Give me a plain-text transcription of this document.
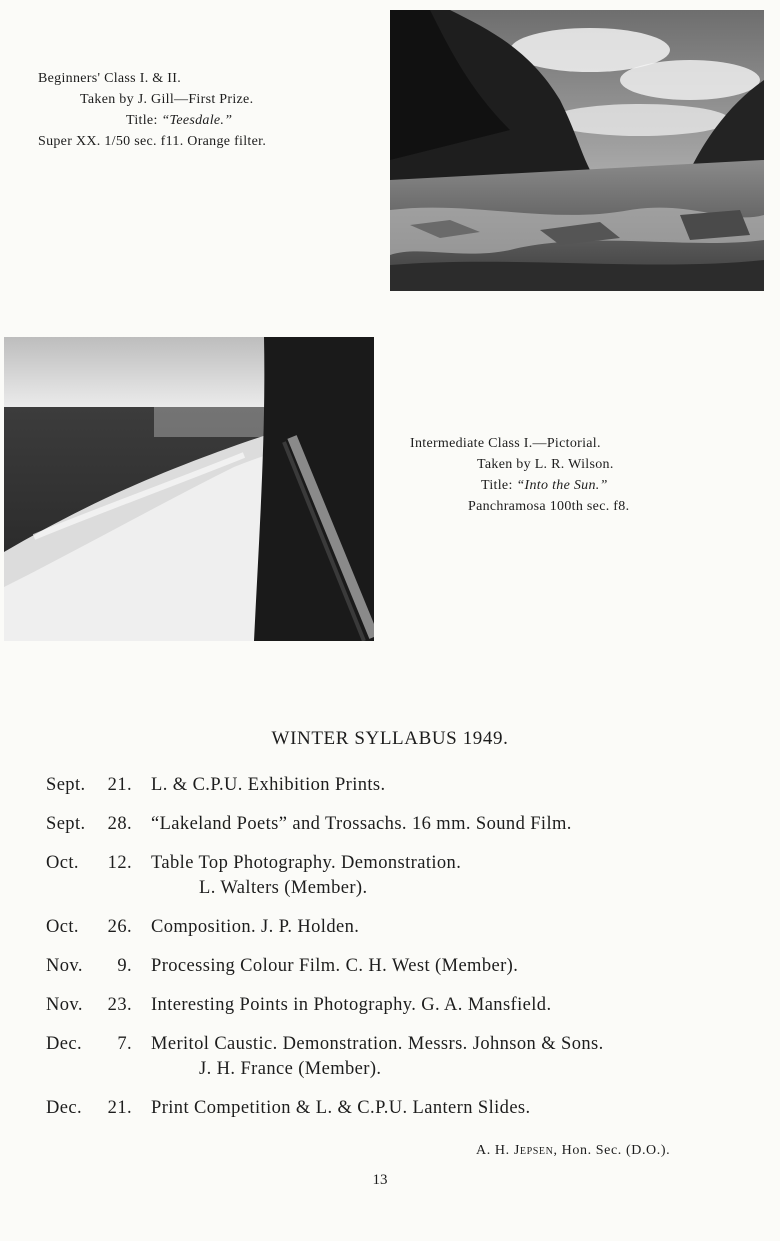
Beginners' Class I. & II.
Taken by J. Gill—First Prize.
Title: “Teesdale.”
Super XX. 1/50 sec. f11. Orange filter.
Intermediate Class I.—Pictorial.
Taken by L. R. Wilson.
Title: “Into the Sun.”
Panchramosa 100th sec. f8.
WINTER SYLLABUS 1949.
Sept.	21.	L. & C.P.U. Exhibition Prints.
Sept.	28.	“Lakeland Poets” and Trossachs. 16 mm. Sound Film.
Oct.	12.	Table Top Photography. Demonstration.
L. Walters (Member).
Oct.	26.	Composition. J. P. Holden.
Nov.	9.	Processing Colour Film. C. H. West (Member).
Nov.	23.	Interesting Points in Photography. G. A. Mansfield.
Dec.	7.	Meritol Caustic. Demonstration. Messrs. Johnson & Sons.
J. H. France (Member).
Dec.	21.	Print Competition & L. & C.P.U. Lantern Slides.
A. H. Jepsen, Hon. Sec. (D.O.).
13
